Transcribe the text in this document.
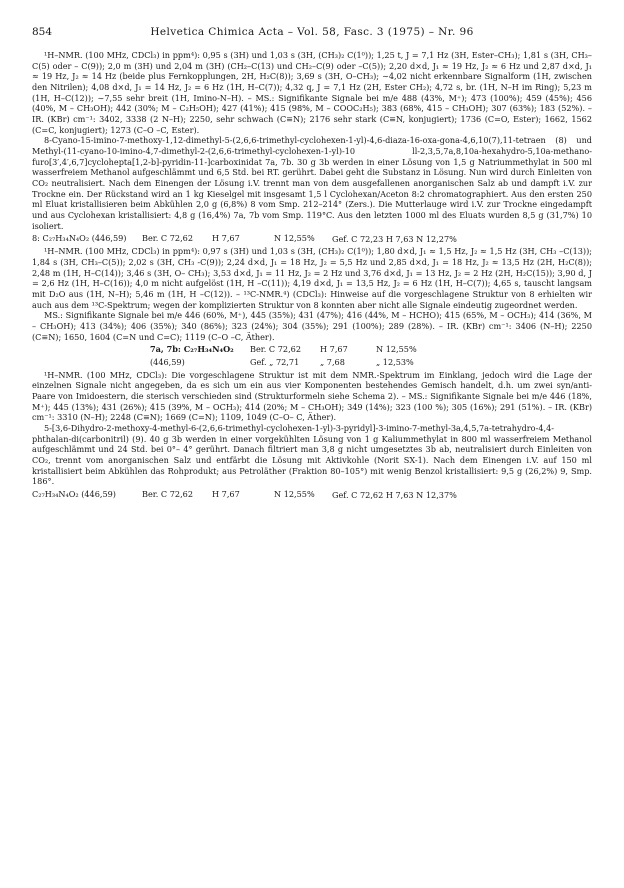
854	Helvetica Chimica Acta – Vol. 58, Fasc. 3 (1975) – Nr. 96

¹H–NMR. (100 MHz, CDCl₃) in ppm⁴): 0,95 s (3H) und 1,03 s (3H, (CH₃)₂ C(1⁰)); 1,25 t, J = 7,1 Hz (3H, Ester–CH₃); 1,81 s (3H, CH₃–C(5) oder – C(9)); 2,0 m (3H) und 2,04 m (3H) (CH₂–C(13) und CH₂–C(9) oder –C(5)); 2,20 d×d, J₁ ≈ 19 Hz, J₂ ≈ 6 Hz und 2,87 d×d, J₁ ≈ 19 Hz, J₂ ≈ 14 Hz (beide plus Fernkopplungen, 2H, H₂C(8)); 3,69 s (3H, O–CH₃); ∼4,02 nicht erkennbare Signalform (1H, zwischen den Nitrilen); 4,08 d×d, J₁ = 14 Hz, J₂ = 6 Hz (1H, H–C(7)); 4,32 q, J = 7,1 Hz (2H, Ester CH₂); 4,72 s, br. (1H, N–H im Ring); 5,23 m (1H, H–C(12)); ∼7,55 sehr breit (1H, Imino-N–H). – MS.: Signifikante Signale bei m/e 488 (43%, M⁺); 473 (100%); 459 (45%); 456 (40%, M – CH₃OH); 442 (30%; M – C₂H₅OH); 427 (41%); 415 (98%, M – COOC₂H₅); 383 (68%, 415 – CH₃OH); 307 (63%); 183 (52%). – IR. (KBr) cm⁻¹: 3402, 3338 (2 N–H); 2250, sehr schwach (C≡N); 2176 sehr stark (C≡N, konjugiert); 1736 (C=O, Ester); 1662, 1562 (C=C, konjugiert); 1273 (C–O –C, Ester).

8-Cyano-15-imino-7-methoxy-1,12-dimethyl-5-(2,6,6-trimethyl-cyclohexen-1-yl)-4,6-diaza-16-oxa-gona-4,6,10(7),11-tetraen (8) und Methyl-(11-cyano-10-imino-4,7-dimethyl-2-(2,6,6-trimethyl-cyclohexen-1-yl)-10 ll-2,3,5,7a,8,10a-hexahydro-5,10a-methano-furo[3′,4′,6,7]cyclohepta[1,2-b]-pyridin-11-]carboxinidat 7a, 7b. 30 g 3b werden in einer Lösung von 1,5 g Natriummethylat in 500 ml wasserfreiem Methanol aufgeschlämmt und 6,5 Std. bei RT. gerührt. Dabei geht die Substanz in Lösung. Nun wird durch Einleiten von CO₂ neutralisiert. Nach dem Einengen der Lösung i.V. trennt man von dem ausgefallenen anorganischen Salz ab und dampft i.V. zur Trockne ein. Der Rückstand wird an 1 kg Kieselgel mit insgesamt 1,5 l Cyclohexan/Aceton 8:2 chromatographiert. Aus den ersten 250 ml Eluat kristallisieren beim Abkühlen 2,0 g (6,8%) 8 vom Smp. 212–214° (Zers.). Die Mutterlauge wird i.V. zur Trockne eingedampft und aus Cyclohexan kristallisiert: 4,8 g (16,4%) 7a, 7b vom Smp. 119°C. Aus den letzten 1000 ml des Eluats wurden 8,5 g (31,7%) 10 isoliert.

8: C₂₇H₃₄N₄O₂ (446,59)	Ber. C 72,62	H 7,67	N 12,55%	Gef. C 72,23 H 7,63 N 12,27%

¹H–NMR. (100 MHz, CDCl₃) in ppm⁴): 0,97 s (3H) und 1,03 s (3H, (CH₃)₂ C(1⁰)); 1,80 d×d, J₁ ≈ 1,5 Hz, J₂ ≈ 1,5 Hz (3H, CH₃ –C(13)); 1,84 s (3H, CH₃–C(5)); 2,02 s (3H, CH₃ -C(9)); 2,24 d×d, J₁ = 18 Hz, J₂ = 5,5 Hz und 2,85 d×d, J₁ = 18 Hz, J₂ ≈ 13,5 Hz (2H, H₂C(8)); 2,48 m (1H, H–C(14)); 3,46 s (3H, O– CH₃); 3,53 d×d, J₁ = 11 Hz, J₂ = 2 Hz und 3,76 d×d, J₁ = 13 Hz, J₂ = 2 Hz (2H, H₂C(15)); 3,90 d, J = 2,6 Hz (1H, H–C(16)); 4,0 m nicht aufgelöst (1H, H –C(11)); 4,19 d×d, J₁ = 13,5 Hz, J₂ = 6 Hz (1H, H–C(7)); 4,65 s, tauscht langsam mit D₂O aus (1H, N–H); 5,46 m (1H, H –C(12)). – ¹³C-NMR.⁴) (CDCl₃): Hinweise auf die vorgeschlagene Struktur von 8 erhielten wir auch aus dem ¹³C-Spektrum; wegen der komplizierten Struktur von 8 konnten aber nicht alle Signale eindeutig zugeordnet werden.

MS.: Signifikante Signale bei m/e 446 (60%, M⁺), 445 (35%); 431 (47%); 416 (44%, M – HCHO); 415 (65%, M – OCH₃); 414 (36%, M – CH₃OH); 413 (34%); 406 (35%); 340 (86%); 323 (24%); 304 (35%); 291 (100%); 289 (28%). – IR. (KBr) cm⁻¹: 3406 (N–H); 2250 (C≡N); 1650, 1604 (C=N und C=C); 1119 (C–O –C, Äther).

7a, 7b: C₂₇H₃₄N₄O₂	Ber. C 72,62	H 7,67	N 12,55%
(446,59)	Gef. „ 72,71	„ 7,68	„ 12,53%

¹H–NMR. (100 MHz, CDCl₃): Die vorgeschlagene Struktur ist mit dem NMR.-Spektrum im Einklang, jedoch wird die Lage der einzelnen Signale nicht angegeben, da es sich um ein aus vier Komponenten bestehendes Gemisch handelt, d.h. um zwei syn/anti-Paare von Imidoestern, die sterisch verschieden sind (Strukturformeln siehe Schema 2). – MS.: Signifikante Signale bei m/e 446 (18%, M⁺); 445 (13%); 431 (26%); 415 (39%, M – OCH₃); 414 (20%; M – CH₃OH); 349 (14%); 323 (100 %); 305 (16%); 291 (51%). – IR. (KBr) cm⁻¹: 3310 (N–H); 2248 (C≡N); 1669 (C=N); 1109, 1049 (C–O– C, Äther).

5-[3,6-Dihydro-2-methoxy-4-methyl-6-(2,6,6-trimethyl-cyclohexen-1-yl)-3-pyridyl]-3-imino-7-methyl-3a,4,5,7a-tetrahydro-4,4-phthalan-di(carbonitril) (9). 40 g 3b werden in einer vorgekühlten Lösung von 1 g Kaliummethylat in 800 ml wasserfreiem Methanol aufgeschlämmt und 24 Std. bei 0°– 4° gerührt. Danach filtriert man 3,8 g nicht umgesetztes 3b ab, neutralisiert durch Einleiten von CO₂, trennt vom anorganischen Salz und entfärbt die Lösung mit Aktivkohle (Norit SX-1). Nach dem Einengen i.V. auf 150 ml kristallisiert beim Abkühlen das Rohprodukt; aus Petroläther (Fraktion 80–105°) mit wenig Benzol kristallisiert: 9,5 g (26,2%) 9, Smp. 186°.

C₂₇H₃₄N₄O₂ (446,59)	Ber. C 72,62	H 7,67	N 12,55%	Gef. C 72,62 H 7,63 N 12,37%
